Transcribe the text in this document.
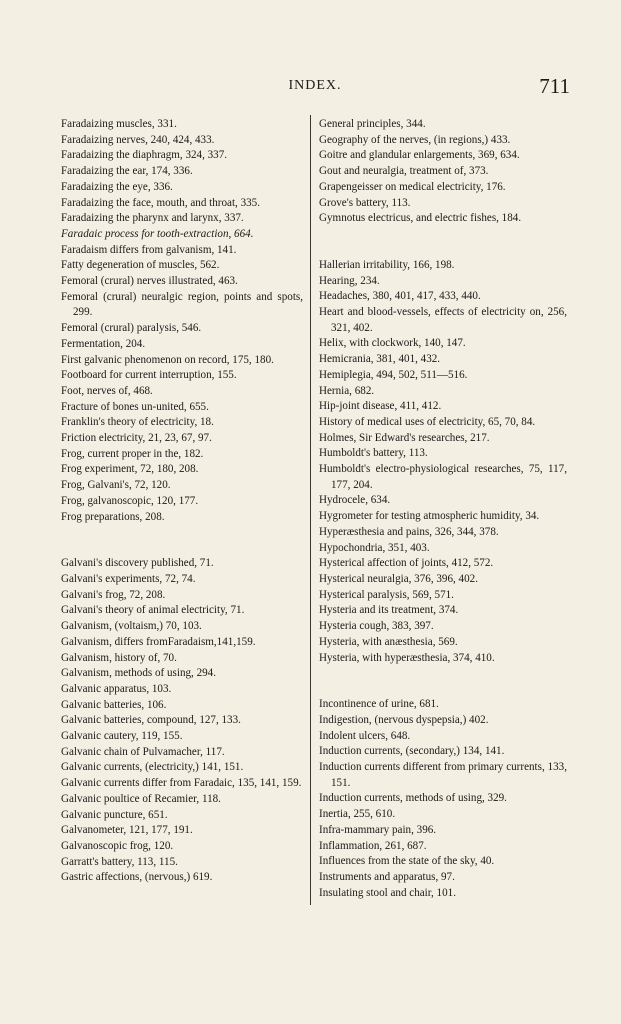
INDEX.	711

Faradaizing muscles, 331.

Faradaizing nerves, 240, 424, 433.

Faradaizing the diaphragm, 324, 337.

Faradaizing the ear, 174, 336.

Faradaizing the eye, 336.

Faradaizing the face, mouth, and throat, 335.

Faradaizing the pharynx and larynx, 337.

Faradaic process for tooth-extraction, 664.

Faradaism differs from galvanism, 141.

Fatty degeneration of muscles, 562.

Femoral (crural) nerves illustrated, 463.

Femoral (crural) neuralgic region, points and spots, 299.

Femoral (crural) paralysis, 546.

Fermentation, 204.

First galvanic phenomenon on record, 175, 180.

Footboard for current interruption, 155.

Foot, nerves of, 468.

Fracture of bones un-united, 655.

Franklin's theory of electricity, 18.

Friction electricity, 21, 23, 67, 97.

Frog, current proper in the, 182.

Frog experiment, 72, 180, 208.

Frog, Galvani's, 72, 120.

Frog, galvanoscopic, 120, 177.

Frog preparations, 208.

Galvani's discovery published, 71.

Galvani's experiments, 72, 74.

Galvani's frog, 72, 208.

Galvani's theory of animal electricity, 71.

Galvanism, (voltaism,) 70, 103.

Galvanism, differs fromFaradaism,141,159.

Galvanism, history of, 70.

Galvanism, methods of using, 294.

Galvanic apparatus, 103.

Galvanic batteries, 106.

Galvanic batteries, compound, 127, 133.

Galvanic cautery, 119, 155.

Galvanic chain of Pulvamacher, 117.

Galvanic currents, (electricity,) 141, 151.

Galvanic currents differ from Faradaic, 135, 141, 159.

Galvanic poultice of Recamier, 118.

Galvanic puncture, 651.

Galvanometer, 121, 177, 191.

Galvanoscopic frog, 120.

Garratt's battery, 113, 115.

Gastric affections, (nervous,) 619.

General principles, 344.

Geography of the nerves, (in regions,) 433.

Goitre and glandular enlargements, 369, 634.

Gout and neuralgia, treatment of, 373.

Grapengeisser on medical electricity, 176.

Grove's battery, 113.

Gymnotus electricus, and electric fishes, 184.

Hallerian irritability, 166, 198.

Hearing, 234.

Headaches, 380, 401, 417, 433, 440.

Heart and blood-vessels, effects of electricity on, 256, 321, 402.

Helix, with clockwork, 140, 147.

Hemicrania, 381, 401, 432.

Hemiplegia, 494, 502, 511—516.

Hernia, 682.

Hip-joint disease, 411, 412.

History of medical uses of electricity, 65, 70, 84.

Holmes, Sir Edward's researches, 217.

Humboldt's battery, 113.

Humboldt's electro-physiological researches, 75, 117, 177, 204.

Hydrocele, 634.

Hygrometer for testing atmospheric humidity, 34.

Hyperæsthesia and pains, 326, 344, 378.

Hypochondria, 351, 403.

Hysterical affection of joints, 412, 572.

Hysterical neuralgia, 376, 396, 402.

Hysterical paralysis, 569, 571.

Hysteria and its treatment, 374.

Hysteria cough, 383, 397.

Hysteria, with anæsthesia, 569.

Hysteria, with hyperæsthesia, 374, 410.

Incontinence of urine, 681.

Indigestion, (nervous dyspepsia,) 402.

Indolent ulcers, 648.

Induction currents, (secondary,) 134, 141.

Induction currents different from primary currents, 133, 151.

Induction currents, methods of using, 329.

Inertia, 255, 610.

Infra-mammary pain, 396.

Inflammation, 261, 687.

Influences from the state of the sky, 40.

Instruments and apparatus, 97.

Insulating stool and chair, 101.
